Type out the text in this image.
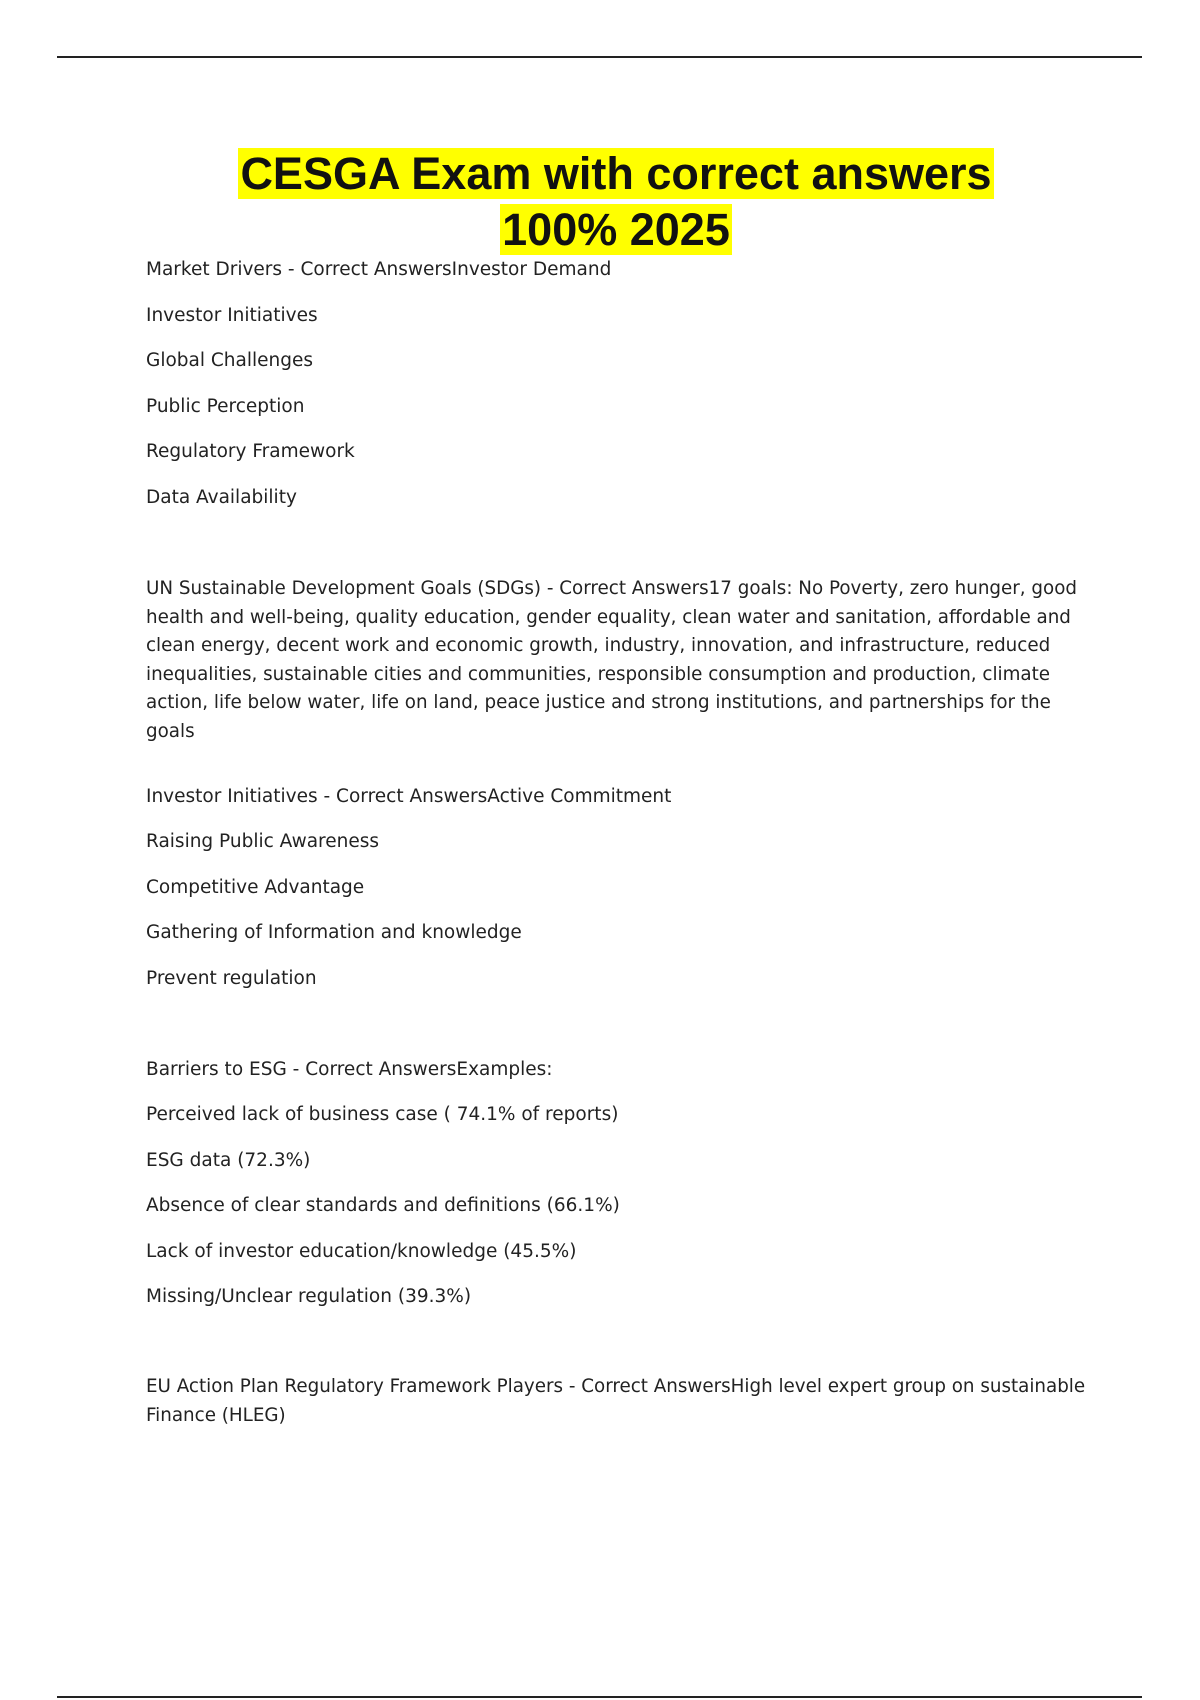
CESGA Exam with correct answers
100% 2025
Market Drivers - Correct AnswersInvestor Demand
Investor Initiatives
Global Challenges
Public Perception
Regulatory Framework
Data Availability
UN Sustainable Development Goals (SDGs) - Correct Answers17 goals: No Poverty, zero hunger, good health and well-being, quality education, gender equality, clean water and sanitation, affordable and clean energy, decent work and economic growth, industry, innovation, and infrastructure, reduced inequalities, sustainable cities and communities, responsible consumption and production, climate action, life below water, life on land, peace justice and strong institutions, and partnerships for the goals
Investor Initiatives - Correct AnswersActive Commitment
Raising Public Awareness
Competitive Advantage
Gathering of Information and knowledge
Prevent regulation
Barriers to ESG - Correct AnswersExamples:
Perceived lack of business case ( 74.1% of reports)
ESG data (72.3%)
Absence of clear standards and definitions (66.1%)
Lack of investor education/knowledge (45.5%)
Missing/Unclear regulation (39.3%)
EU Action Plan Regulatory Framework Players - Correct AnswersHigh level expert group on sustainable Finance (HLEG)
